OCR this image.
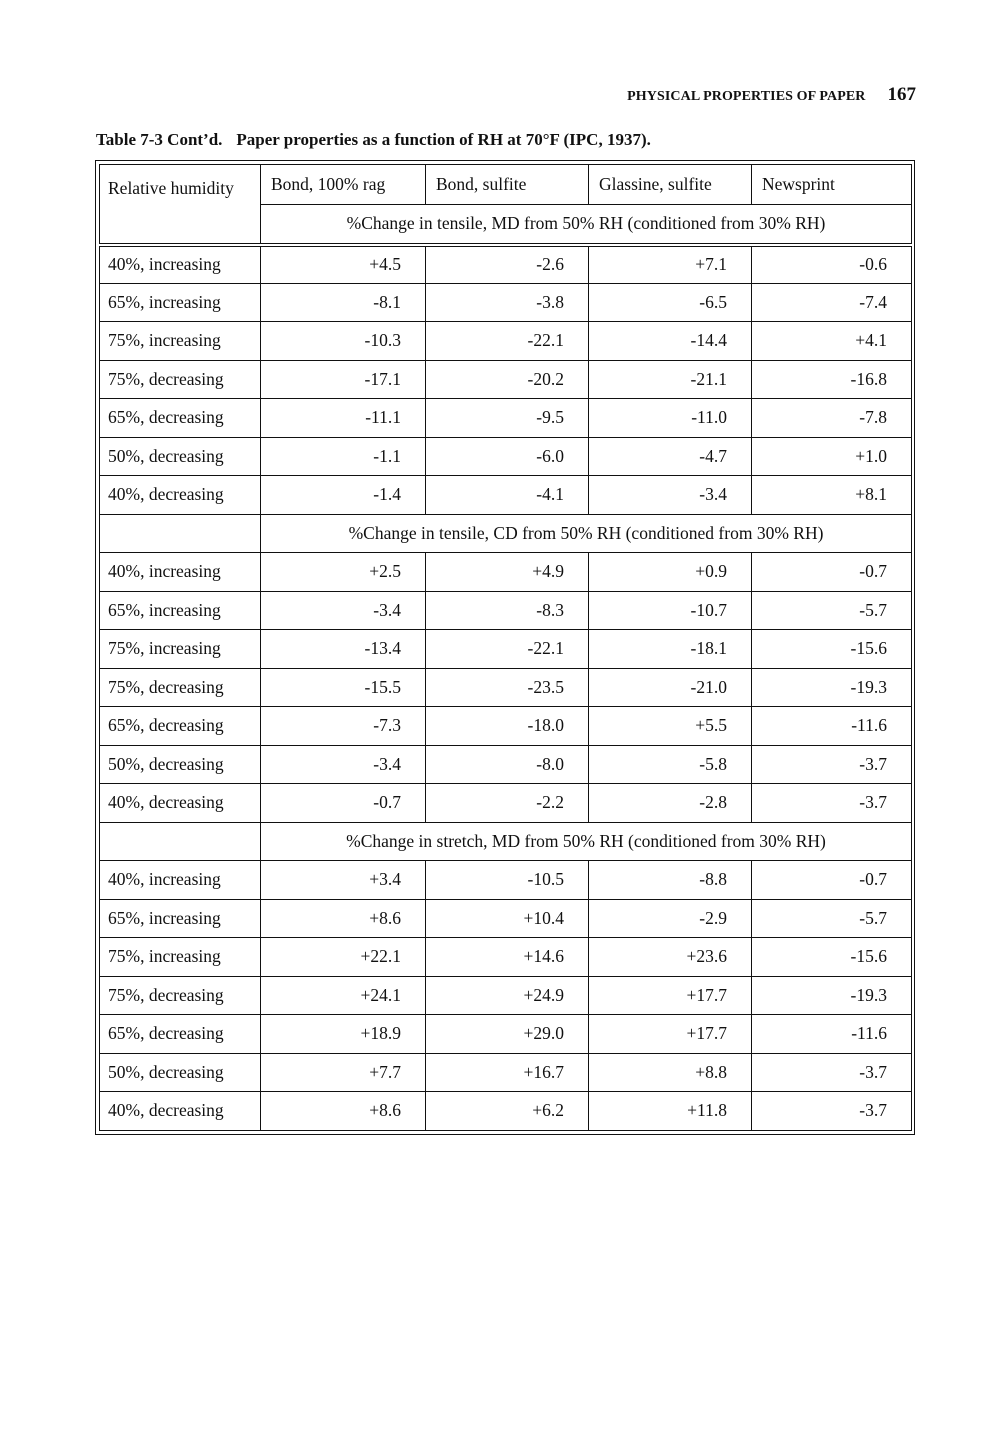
PHYSICAL PROPERTIES OF PAPER 167
Table 7-3 Cont’d. Paper properties as a function of RH at 70°F (IPC, 1937).
Relative humidity	Bond, 100% rag	Bond, sulfite	Glassine, sulfite	Newsprint
	%Change in tensile, MD from 50% RH (conditioned from 30% RH)			
40%, increasing	+4.5	-2.6	+7.1	-0.6
65%, increasing	-8.1	-3.8	-6.5	-7.4
75%, increasing	-10.3	-22.1	-14.4	+4.1
75%, decreasing	-17.1	-20.2	-21.1	-16.8
65%, decreasing	-11.1	-9.5	-11.0	-7.8
50%, decreasing	-1.1	-6.0	-4.7	+1.0
40%, decreasing	-1.4	-4.1	-3.4	+8.1
	%Change in tensile, CD from 50% RH (conditioned from 30% RH)			
40%, increasing	+2.5	+4.9	+0.9	-0.7
65%, increasing	-3.4	-8.3	-10.7	-5.7
75%, increasing	-13.4	-22.1	-18.1	-15.6
75%, decreasing	-15.5	-23.5	-21.0	-19.3
65%, decreasing	-7.3	-18.0	+5.5	-11.6
50%, decreasing	-3.4	-8.0	-5.8	-3.7
40%, decreasing	-0.7	-2.2	-2.8	-3.7
	%Change in stretch, MD from 50% RH (conditioned from 30% RH)			
40%, increasing	+3.4	-10.5	-8.8	-0.7
65%, increasing	+8.6	+10.4	-2.9	-5.7
75%, increasing	+22.1	+14.6	+23.6	-15.6
75%, decreasing	+24.1	+24.9	+17.7	-19.3
65%, decreasing	+18.9	+29.0	+17.7	-11.6
50%, decreasing	+7.7	+16.7	+8.8	-3.7
40%, decreasing	+8.6	+6.2	+11.8	-3.7
